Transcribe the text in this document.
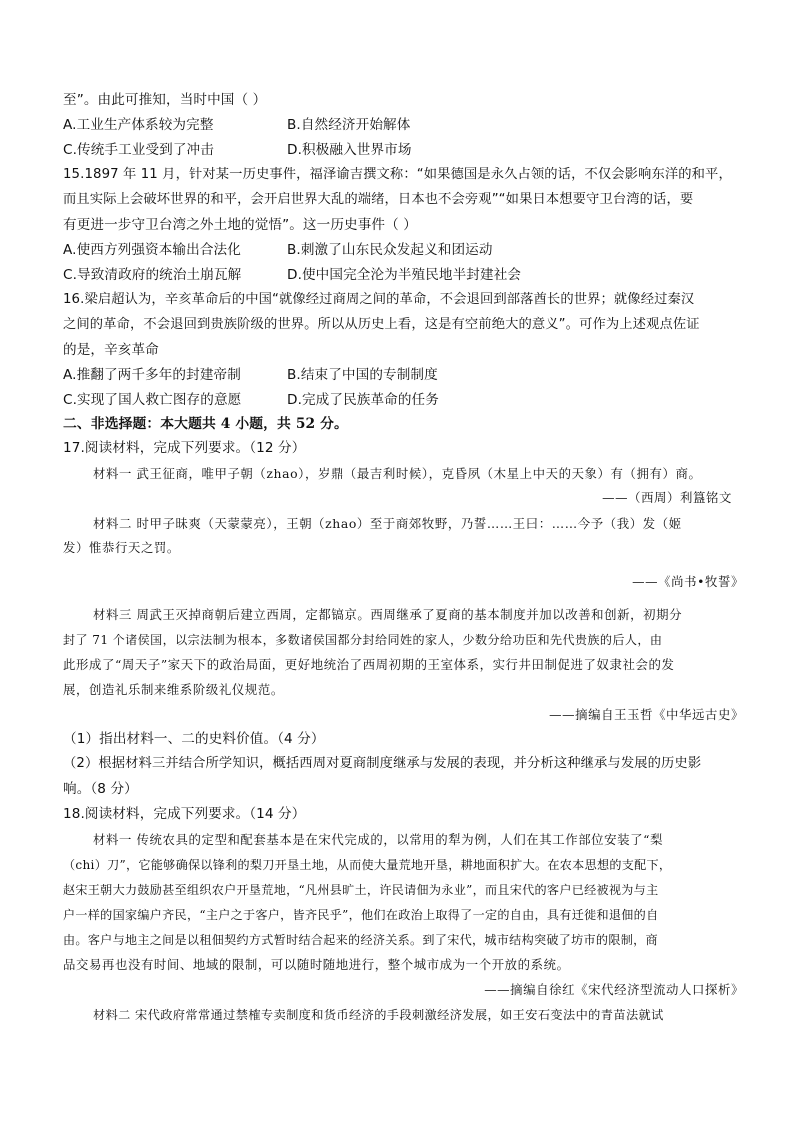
至”。由此可推知，当时中国（ ）
A.工业生产体系较为完整	B.自然经济开始解体
C.传统手工业受到了冲击	D.积极融入世界市场
15.1897 年 11 月，针对某一历史事件，福泽谕吉撰文称：“如果德国是永久占领的话，不仅会影响东洋的和平，
而且实际上会破坏世界的和平，会开启世界大乱的端绪，日本也不会旁观”“如果日本想要守卫台湾的话，要
有更进一步守卫台湾之外土地的觉悟”。这一历史事件（ ）
A.使西方列强资本输出合法化	B.刺激了山东民众发起义和团运动
C.导致清政府的统治土崩瓦解	D.使中国完全沦为半殖民地半封建社会
16.梁启超认为，辛亥革命后的中国“就像经过商周之间的革命，不会退回到部落酋长的世界；就像经过秦汉
之间的革命，不会退回到贵族阶级的世界。所以从历史上看，这是有空前绝大的意义”。可作为上述观点佐证
的是，辛亥革命
A.推翻了两千多年的封建帝制	B.结束了中国的专制制度
C.实现了国人救亡图存的意愿	D.完成了民族革命的任务
二、非选择题：本大题共 4 小题，共 52 分。
17.阅读材料，完成下列要求。（12 分）
材料一 武王征商，唯甲子朝（zhao），岁鼎（最吉利时候），克昏夙（木星上中天的天象）有（拥有）商。
——（西周）利簋铭文
材料二 时甲子昧爽（天蒙蒙亮），王朝（zhao）至于商郊牧野，乃誓……王曰：……今予（我）发（姬
发）惟恭行天之罚。
——《尚书•牧誓》
材料三 周武王灭掉商朝后建立西周，定都镐京。西周继承了夏商的基本制度并加以改善和创新，初期分
封了 71 个诸侯国，以宗法制为根本，多数诸侯国都分封给同姓的家人，少数分给功臣和先代贵族的后人，由
此形成了“周天子”家天下的政治局面，更好地统治了西周初期的王室体系，实行井田制促进了奴隶社会的发
展，创造礼乐制来维系阶级礼仪规范。
——摘编自王玉哲《中华远古史》
（1）指出材料一、二的史料价值。（4 分）
（2）根据材料三并结合所学知识，概括西周对夏商制度继承与发展的表现，并分析这种继承与发展的历史影
响。（8 分）
18.阅读材料，完成下列要求。（14 分）
材料一 传统农具的定型和配套基本是在宋代完成的，以常用的犁为例，人们在其工作部位安装了“梨
（chi）刀”，它能够确保以锋利的梨刀开垦土地，从而使大量荒地开垦，耕地面积扩大。在农本思想的支配下，
赵宋王朝大力鼓励甚至组织农户开垦荒地，“凡州县旷土，许民请佃为永业”，而且宋代的客户已经被视为与主
户一样的国家编户齐民，“主户之于客户，皆齐民乎”，他们在政治上取得了一定的自由，具有迁徙和退佃的自
由。客户与地主之间是以租佃契约方式暂时结合起来的经济关系。到了宋代，城市结构突破了坊市的限制，商
品交易再也没有时间、地域的限制，可以随时随地进行，整个城市成为一个开放的系统。
——摘编自徐红《宋代经济型流动人口探析》
材料二 宋代政府常常通过禁榷专卖制度和货币经济的手段刺激经济发展，如王安石变法中的青苗法就试
